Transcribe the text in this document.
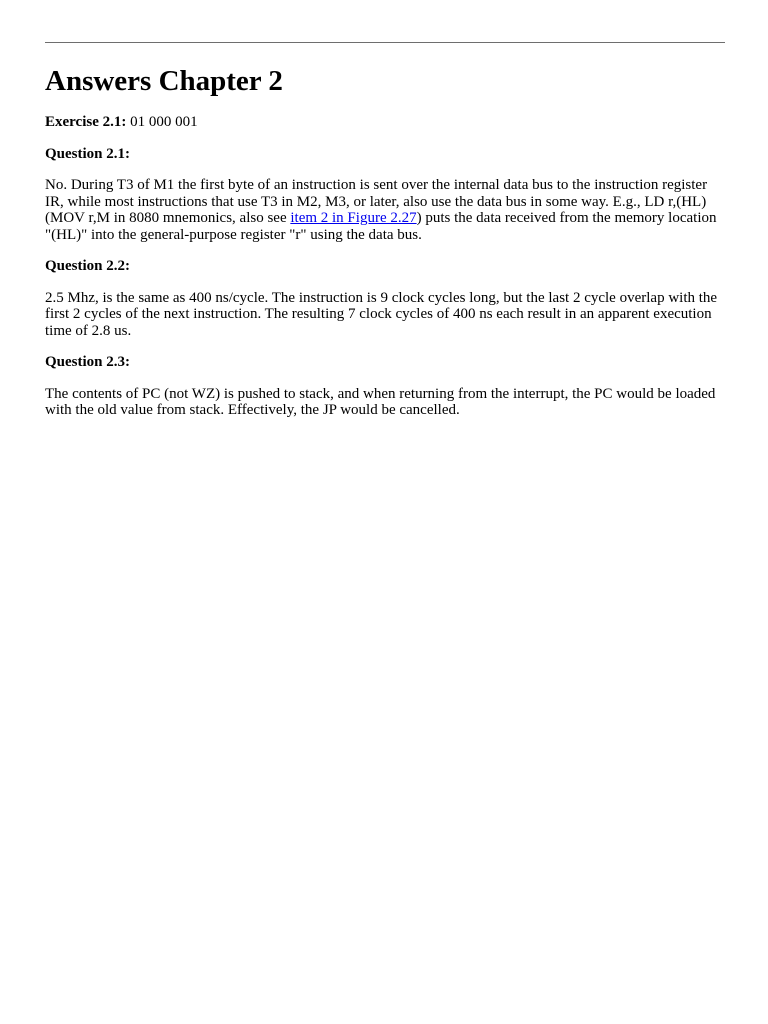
Answers Chapter 2

Exercise 2.1: 01 000 001

Question 2.1:

No. During T3 of M1 the first byte of an instruction is sent over the internal data bus to the instruction register IR, while most instructions that use T3 in M2, M3, or later, also use the data bus in some way. E.g., LD r,(HL) (MOV r,M in 8080 mnemonics, also see item 2 in Figure 2.27) puts the data received from the memory location "(HL)" into the general-purpose register "r" using the data bus.

Question 2.2:

2.5 Mhz, is the same as 400 ns/cycle. The instruction is 9 clock cycles long, but the last 2 cycle overlap with the first 2 cycles of the next instruction. The resulting 7 clock cycles of 400 ns each result in an apparent execution time of 2.8 us.

Question 2.3:

The contents of PC (not WZ) is pushed to stack, and when returning from the interrupt, the PC would be loaded with the old value from stack. Effectively, the JP would be cancelled.
